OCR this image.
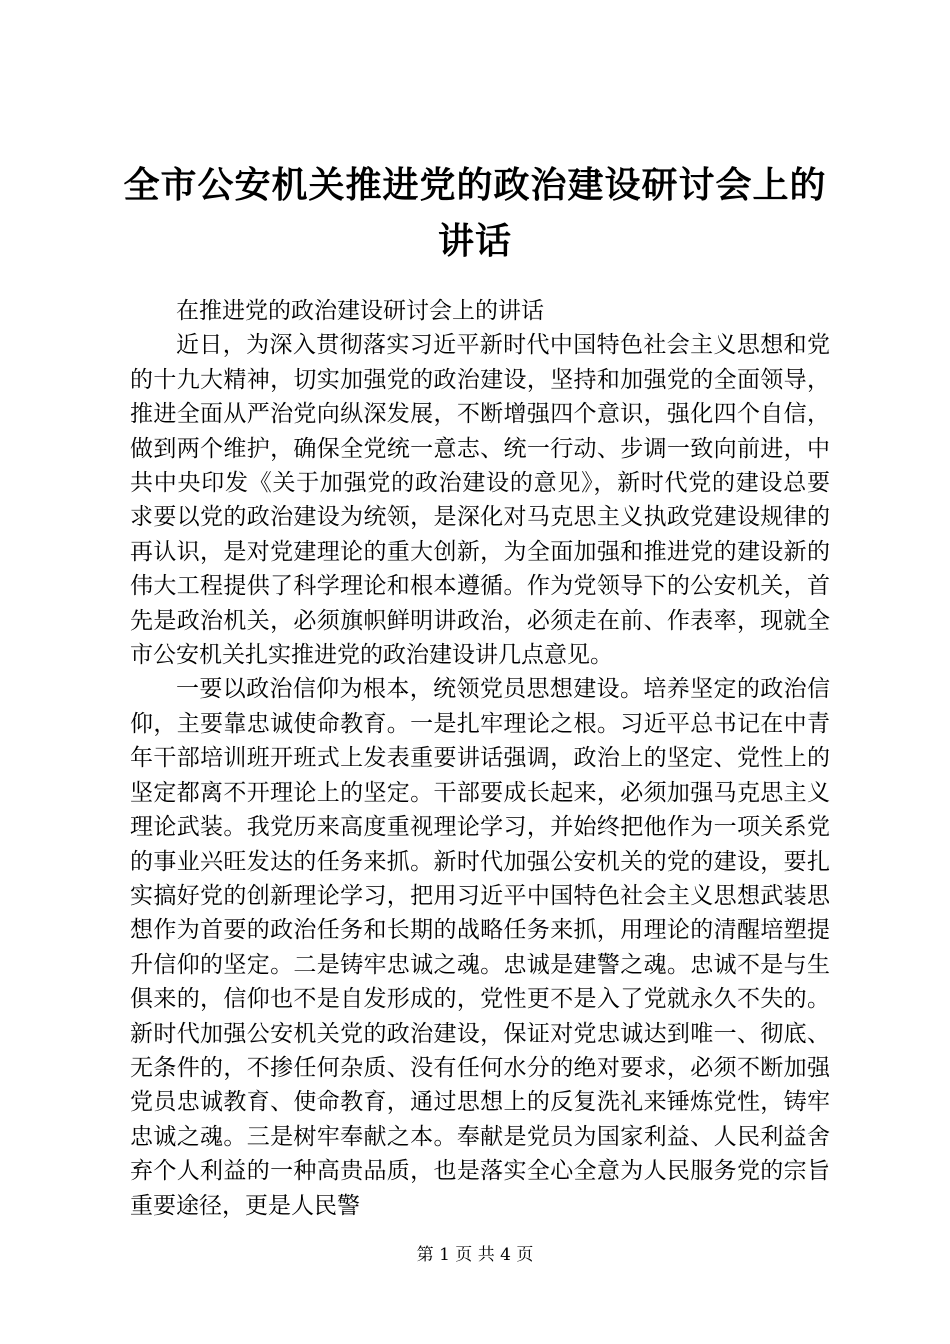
全市公安机关推进党的政治建设研讨会上的讲话

在推进党的政治建设研讨会上的讲话

近日，为深入贯彻落实习近平新时代中国特色社会主义思想和党的十九大精神，切实加强党的政治建设，坚持和加强党的全面领导，推进全面从严治党向纵深发展，不断增强四个意识，强化四个自信，做到两个维护，确保全党统一意志、统一行动、步调一致向前进，中共中央印发《关于加强党的政治建设的意见》，新时代党的建设总要求要以党的政治建设为统领，是深化对马克思主义执政党建设规律的再认识，是对党建理论的重大创新，为全面加强和推进党的建设新的伟大工程提供了科学理论和根本遵循。作为党领导下的公安机关，首先是政治机关，必须旗帜鲜明讲政治，必须走在前、作表率，现就全市公安机关扎实推进党的政治建设讲几点意见。

一要以政治信仰为根本，统领党员思想建设。培养坚定的政治信仰，主要靠忠诚使命教育。一是扎牢理论之根。习近平总书记在中青年干部培训班开班式上发表重要讲话强调，政治上的坚定、党性上的坚定都离不开理论上的坚定。干部要成长起来，必须加强马克思主义理论武装。我党历来高度重视理论学习，并始终把他作为一项关系党的事业兴旺发达的任务来抓。新时代加强公安机关的党的建设，要扎实搞好党的创新理论学习，把用习近平中国特色社会主义思想武装思想作为首要的政治任务和长期的战略任务来抓，用理论的清醒培塑提升信仰的坚定。二是铸牢忠诚之魂。忠诚是建警之魂。忠诚不是与生俱来的，信仰也不是自发形成的，党性更不是入了党就永久不失的。新时代加强公安机关党的政治建设，保证对党忠诚达到唯一、彻底、无条件的，不掺任何杂质、没有任何水分的绝对要求，必须不断加强党员忠诚教育、使命教育，通过思想上的反复洗礼来锤炼党性，铸牢忠诚之魂。三是树牢奉献之本。奉献是党员为国家利益、人民利益舍弃个人利益的一种高贵品质，也是落实全心全意为人民服务党的宗旨重要途径，更是人民警

第 1 页 共 4 页
